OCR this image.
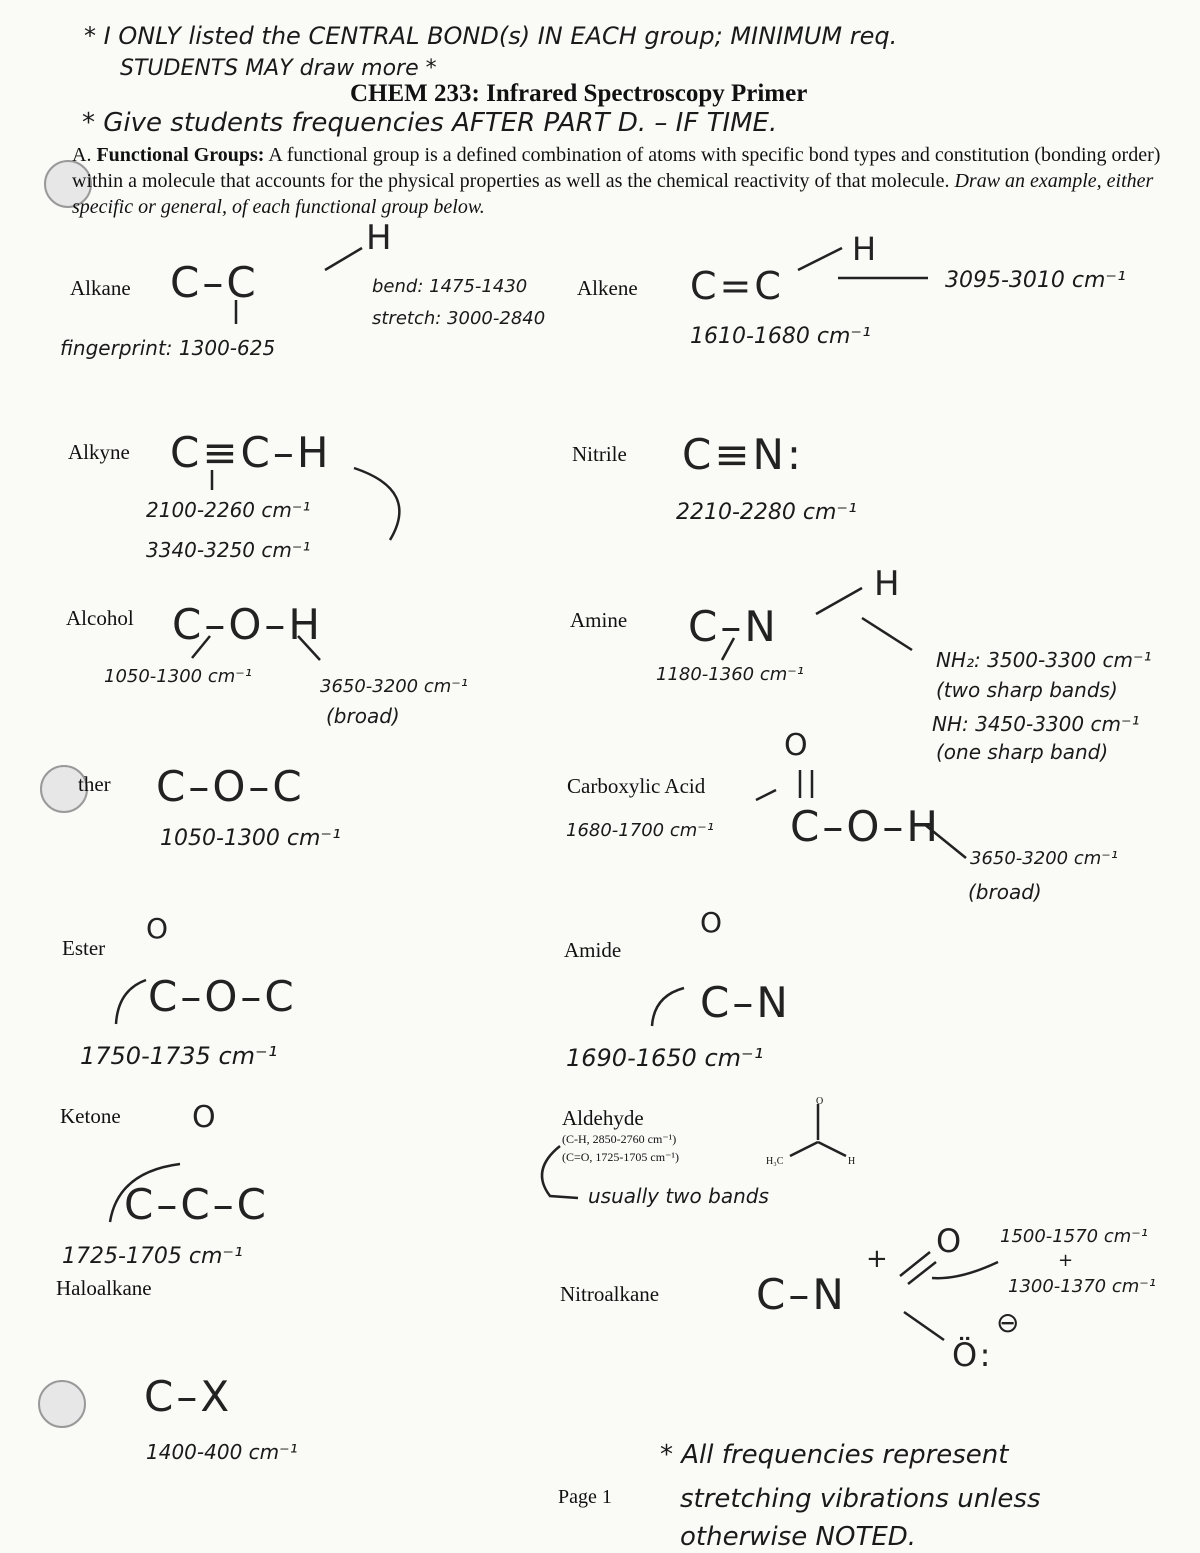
* I ONLY listed the CENTRAL BOND(s) IN EACH group; MINIMUM req.
STUDENTS MAY draw more *
CHEM 233: Infrared Spectroscopy Primer
* Give students frequencies AFTER PART D. – IF TIME.
A. Functional Groups: A functional group is a defined combination of atoms with specific bond types and constitution (bonding order) within a molecule that accounts for the physical properties as well as the chemical reactivity of that molecule. Draw an example, either specific or general, of each functional group below.
Alkane C–C
H
bend: 1475-1430
stretch: 3000-2840
fingerprint: 1300-625
Alkene C=C
H
3095-3010 cm⁻¹
1610-1680 cm⁻¹
Alkyne C≡C–H
2100-2260 cm⁻¹
3340-3250 cm⁻¹
Nitrile C≡N:
2210-2280 cm⁻¹
Alcohol C–O–H
1050-1300 cm⁻¹	3650-3200 cm⁻¹
(broad)
Amine C–N
H
1180-1360 cm⁻¹
NH₂: 3500-3300 cm⁻¹
(two sharp bands)
NH: 3450-3300 cm⁻¹
(one sharp band)
ther C–O–C
1050-1300 cm⁻¹
Carboxylic Acid
O
C–O–H
1680-1700 cm⁻¹
3650-3200 cm⁻¹
(broad)
Ester
O
C–O–C
1750-1735 cm⁻¹
Amide
O
C–N
1690-1650 cm⁻¹
Ketone O
C–C–C
1725-1705 cm⁻¹
Aldehyde
(C-H, 2850-2760 cm⁻¹)
(C=O, 1725-1705 cm⁻¹)
usually two bands
H₃C	H
O
Haloalkane
C–X
1400-400 cm⁻¹
Nitroalkane C–N
+ O
Ö:
⊖
1500-1570 cm⁻¹
+
1300-1370 cm⁻¹
Page 1
* All frequencies represent
stretching vibrations unless
otherwise NOTED.
